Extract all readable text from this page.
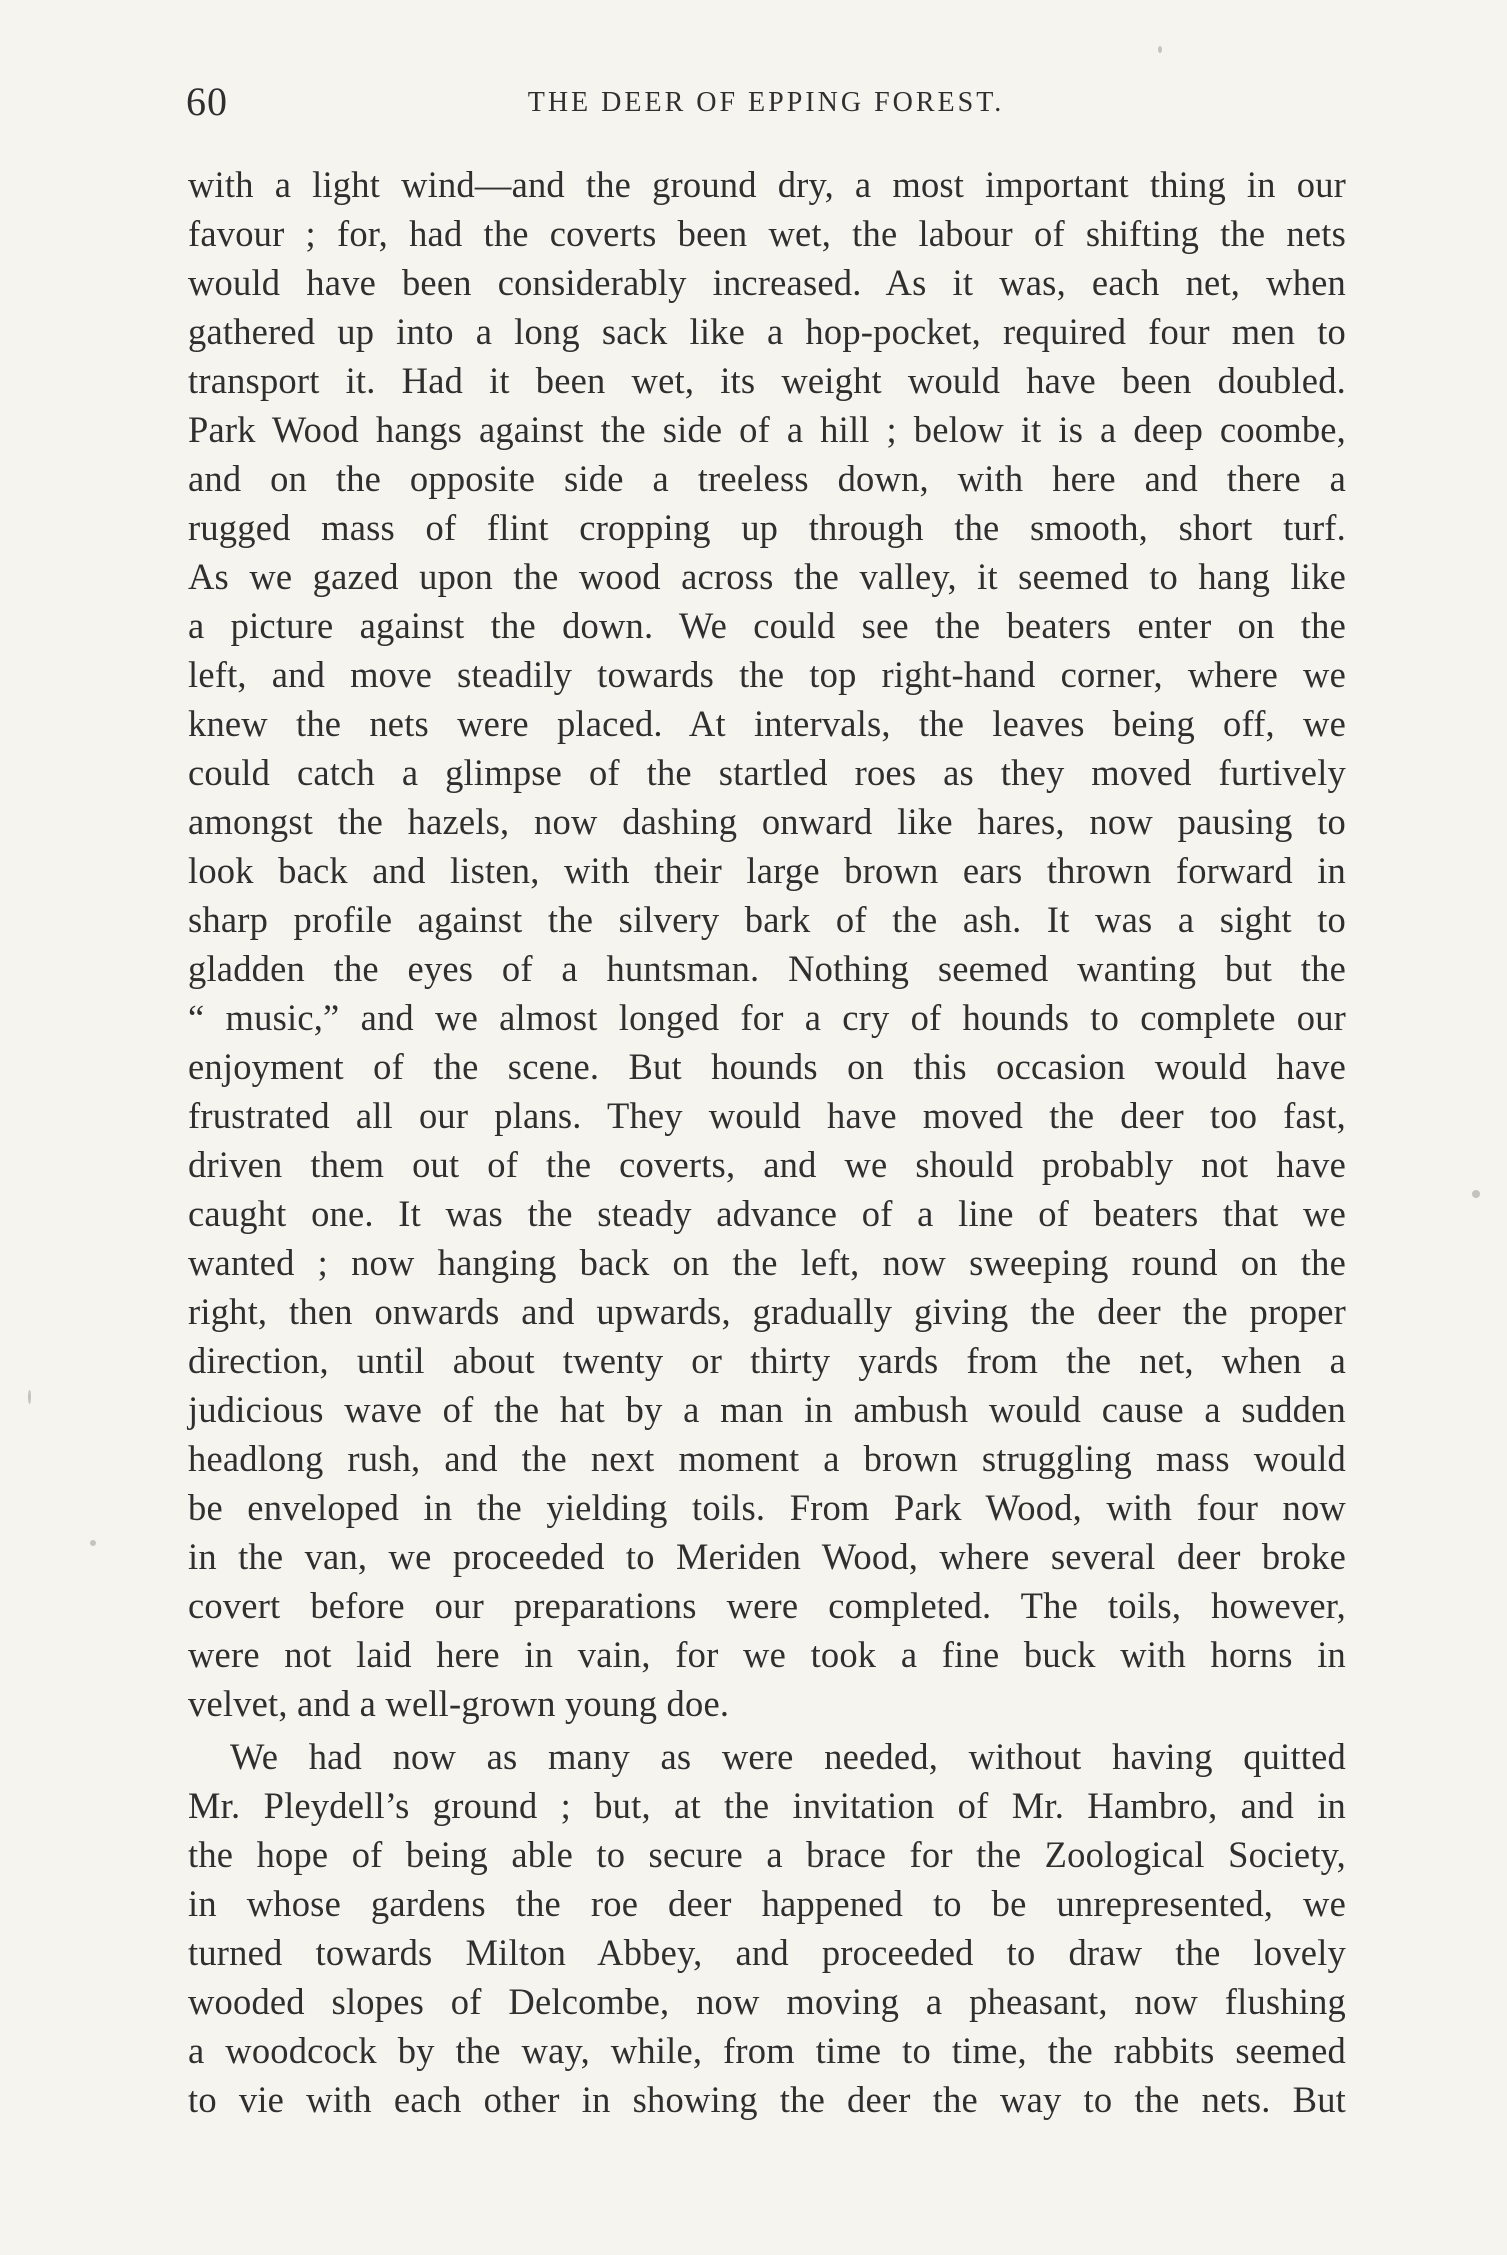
60	THE DEER OF EPPING FOREST.
with a light wind—and the ground dry, a most important thing in our
favour ; for, had the coverts been wet, the labour of shifting the nets
would have been considerably increased. As it was, each net, when
gathered up into a long sack like a hop-pocket, required four men to
transport it. Had it been wet, its weight would have been doubled.
Park Wood hangs against the side of a hill ; below it is a deep coombe,
and on the opposite side a treeless down, with here and there a
rugged mass of flint cropping up through the smooth, short turf.
As we gazed upon the wood across the valley, it seemed to hang like
a picture against the down. We could see the beaters enter on the
left, and move steadily towards the top right-hand corner, where we
knew the nets were placed. At intervals, the leaves being off, we
could catch a glimpse of the startled roes as they moved furtively
amongst the hazels, now dashing onward like hares, now pausing to
look back and listen, with their large brown ears thrown forward in
sharp profile against the silvery bark of the ash. It was a sight to
gladden the eyes of a huntsman. Nothing seemed wanting but the
“ music,” and we almost longed for a cry of hounds to complete our
enjoyment of the scene. But hounds on this occasion would have
frustrated all our plans. They would have moved the deer too fast,
driven them out of the coverts, and we should probably not have
caught one. It was the steady advance of a line of beaters that we
wanted ; now hanging back on the left, now sweeping round on the
right, then onwards and upwards, gradually giving the deer the proper
direction, until about twenty or thirty yards from the net, when a
judicious wave of the hat by a man in ambush would cause a sudden
headlong rush, and the next moment a brown struggling mass would
be enveloped in the yielding toils. From Park Wood, with four now
in the van, we proceeded to Meriden Wood, where several deer broke
covert before our preparations were completed. The toils, however,
were not laid here in vain, for we took a fine buck with horns in
velvet, and a well-grown young doe.
We had now as many as were needed, without having quitted
Mr. Pleydell’s ground ; but, at the invitation of Mr. Hambro, and in
the hope of being able to secure a brace for the Zoological Society,
in whose gardens the roe deer happened to be unrepresented, we
turned towards Milton Abbey, and proceeded to draw the lovely
wooded slopes of Delcombe, now moving a pheasant, now flushing
a woodcock by the way, while, from time to time, the rabbits seemed
to vie with each other in showing the deer the way to the nets. But
